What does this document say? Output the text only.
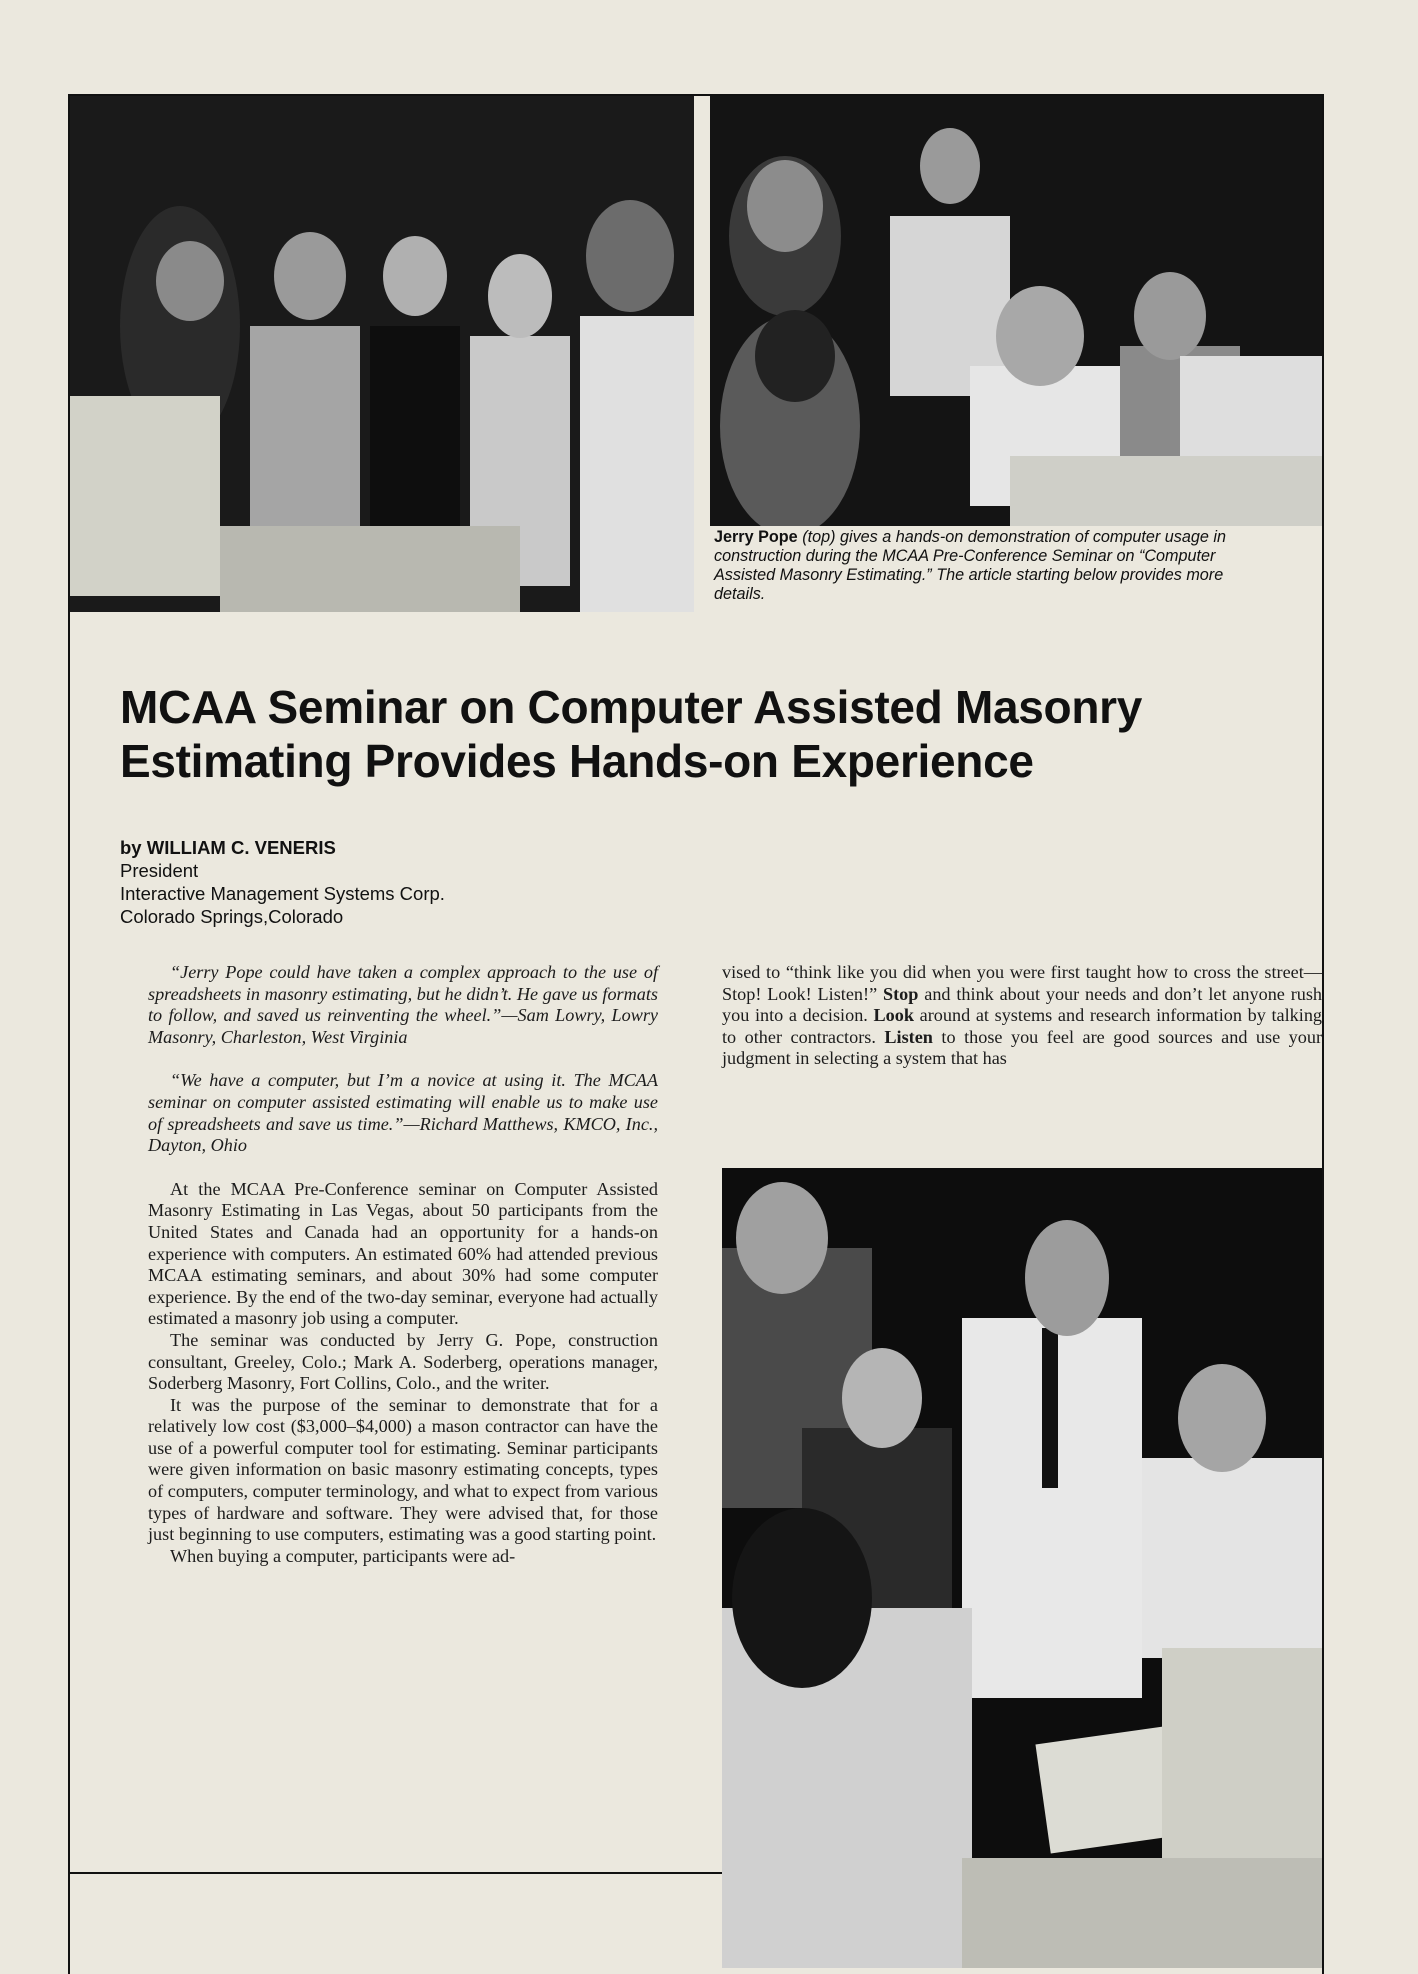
Jerry Pope (top) gives a hands-on demonstration of computer usage in construction during the MCAA Pre-Conference Seminar on “Computer Assisted Masonry Estimating.” The article starting below provides more details.
MCAA Seminar on Computer Assisted Masonry
Estimating Provides Hands-on Experience
by WILLIAM C. VENERIS
President
Interactive Management Systems Corp.
Colorado Springs,Colorado

“Jerry Pope could have taken a complex approach to the use of spreadsheets in masonry estimating, but he didn’t. He gave us formats to follow, and saved us reinventing the wheel.”—Sam Lowry, Lowry Masonry, Charleston, West Virginia

“We have a computer, but I’m a novice at using it. The MCAA seminar on computer assisted estimating will enable us to make use of spreadsheets and save us time.”—Richard Matthews, KMCO, Inc., Dayton, Ohio

At the MCAA Pre-Conference seminar on Computer Assisted Masonry Estimating in Las Vegas, about 50 participants from the United States and Canada had an opportunity for a hands-on experience with computers. An estimated 60% had attended previous MCAA estimating seminars, and about 30% had some computer experience. By the end of the two-day seminar, everyone had actually estimated a masonry job using a computer.

The seminar was conducted by Jerry G. Pope, construction consultant, Greeley, Colo.; Mark A. Soderberg, operations manager, Soderberg Masonry, Fort Collins, Colo., and the writer.

It was the purpose of the seminar to demonstrate that for a relatively low cost ($3,000–$4,000) a mason contractor can have the use of a powerful computer tool for estimating. Seminar participants were given information on basic masonry estimating concepts, types of computers, computer terminology, and what to expect from various types of hardware and software. They were advised that, for those just beginning to use computers, estimating was a good starting point.

When buying a computer, participants were ad-

vised to “think like you did when you were first taught how to cross the street—Stop! Look! Listen!” Stop and think about your needs and don’t let anyone rush you into a decision. Look around at systems and research information by talking to other contractors. Listen to those you feel are good sources and use your judgment in selecting a system that has
